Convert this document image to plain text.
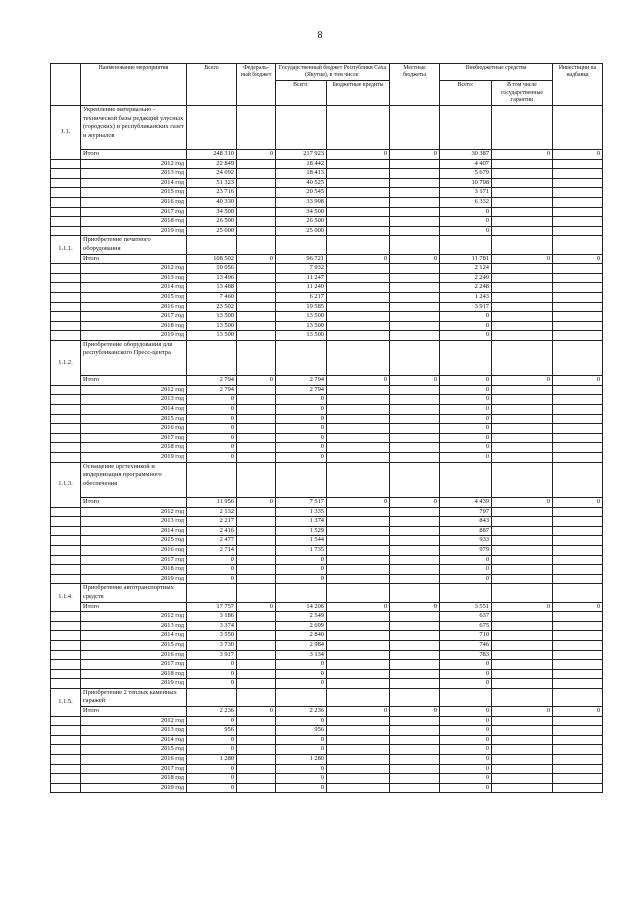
8
	Наименование мероприятия	Всего	Федераль-ный бюджет	Государственный бюджет Республики Саха (Якутия), в том числе:		Местные бюджеты	Внебюджетные средства		Инвестиции на надбавка
				Всего:	Бюджетные кредиты		Всего:	В том числе государственные гарантии	
1.1.	Укрепление материально - технической базы редакций улусных (городских) и республиканских газет и журналов								
	Итого	248 310	0	217 923	0	0	30 387	0	0
	2012 год	22 849		18 442			4 407		
	2013 год	24 092		18 413			5 679		
	2014 год	51 323		40 525			10 798		
	2015 год	23 716		20 545			3 171		
	2016 год	40 330		33 998			6 332		
	2017 год	34 500		34 500			0		
	2018 год	26 500		26 500			0		
	2019 год	25 000		25 000			0		
1.1.1.	Приобретение печатного оборудования								
	Итого	108 502	0	96 721	0	0	11 781	0	0
	2012 год	10 056		7 932			2 124		
	2013 год	13 496		11 247			2 249		
	2014 год	13 488		11 240			2 248		
	2015 год	7 460		6 217			1 243		
	2016 год	23 502		19 585			3 917		
	2017 год	13 500		13 500			0		
	2018 год	13 500		13 500			0		
	2019 год	13 500		13 500			0		
1.1.2.	Приобретение оборудования для республиканского Пресс-центра								
	Итого	2 794	0	2 794	0	0	0	0	0
	2012 год	2 794		2 794			0		
	2013 год	0		0			0		
	2014 год	0		0			0		
	2015 год	0		0			0		
	2016 год	0		0			0		
	2017 год	0		0			0		
	2018 год	0		0			0		
	2019 год	0		0			0		
1.1.3.	Оснащение оргтехникой и модернизация программного обеспечения								
	Итого	11 956	0	7 517	0	0	4 439	0	0
	2012 год	2 132		1 335			797		
	2013 год	2 217		1 374			843		
	2014 год	2 416		1 529			887		
	2015 год	2 477		1 544			933		
	2016 год	2 714		1 735			979		
	2017 год	0		0			0		
	2018 год	0		0			0		
	2019 год	0		0			0		
1.1.4.	Приобретение автотранспортных средств								
	Итого	17 757	0	14 206	0	0	3 551	0	0
	2012 год	3 186		2 549			637		
	2013 год	3 374		2 699			675		
	2014 год	3 550		2 840			710		
	2015 год	3 730		2 984			746		
	2016 год	3 917		3 134			783		
	2017 год	0		0			0		
	2018 год	0		0			0		
	2019 год	0		0			0		
1.1.5.	Приобретение 2 теплых каменных гаражей								
	Итого	2 236	0	2 236	0	0	0	0	0
	2012 год	0		0			0		
	2013 год	956		956			0		
	2014 год	0		0			0		
	2015 год	0		0			0		
	2016 год	1 280		1 280			0		
	2017 год	0		0			0		
	2018 год	0		0			0		
	2019 год	0		0			0		
